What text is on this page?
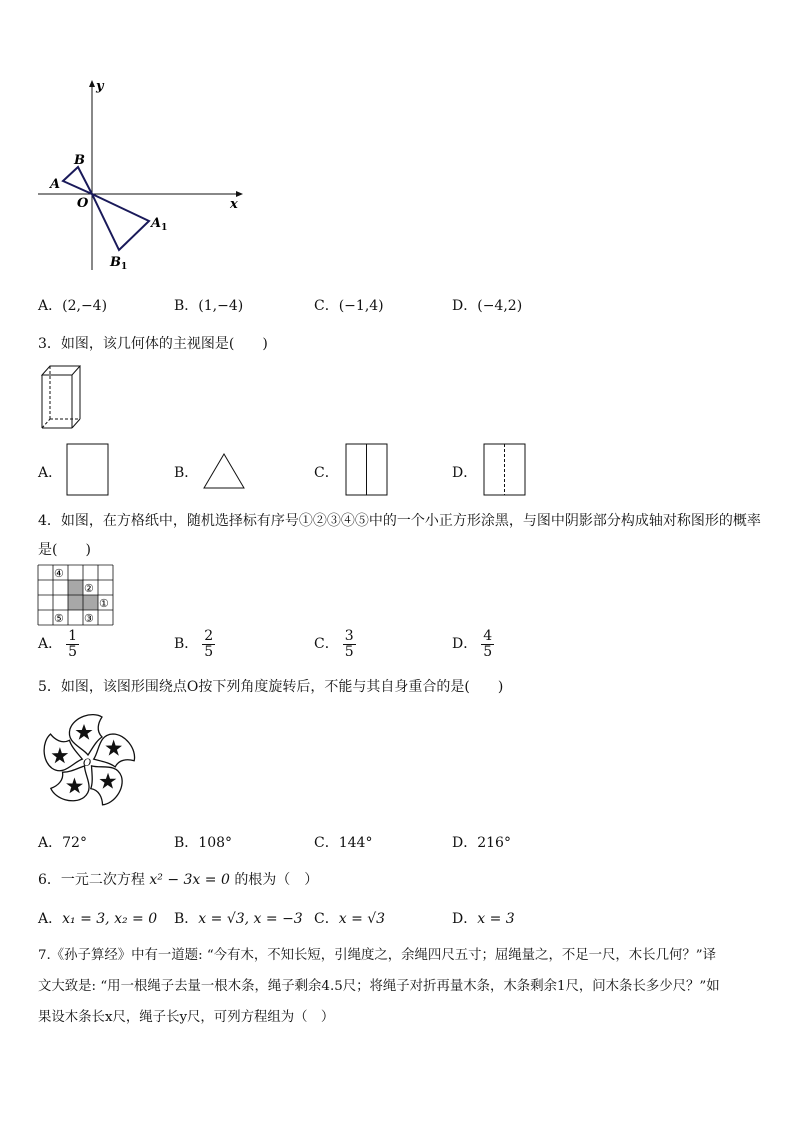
y
x
O
A
B
$A_1$
$B_1$
A．(2,−4)	B．(1,−4)	C．(−1,4)	D．(−4,2)
3．如图，该几何体的主视图是(　　)
A．	B．	C．	D．
4．如图，在方格纸中，随机选择标有序号①②③④⑤中的一个小正方形涂黑，与图中阴影部分构成轴对称图形的概率
是(　　)
④
②
①
⑤ ③
A． $\frac{1}{5}$	B． $\frac{2}{5}$	C． $\frac{3}{5}$	D． $\frac{4}{5}$
5．如图，该图形围绕点O按下列角度旋转后，不能与其自身重合的是(　　)
O
A．72°	B．108°	C．144°	D．216°
6．一元二次方程 x² − 3x = 0 的根为（　）
A．x₁ = 3, x₂ = 0 B．x = √3, x = −3 C．x = √3	D．x = 3
7.《孙子算经》中有一道题: “今有木，不知长短，引绳度之，余绳四尺五寸；屈绳量之，不足一尺，木长几何？”译
文大致是: “用一根绳子去量一根木条，绳子剩余4.5尺；将绳子对折再量木条，木条剩余1尺，问木条长多少尺？”如
果设木条长x尺，绳子长y尺，可列方程组为（　）
